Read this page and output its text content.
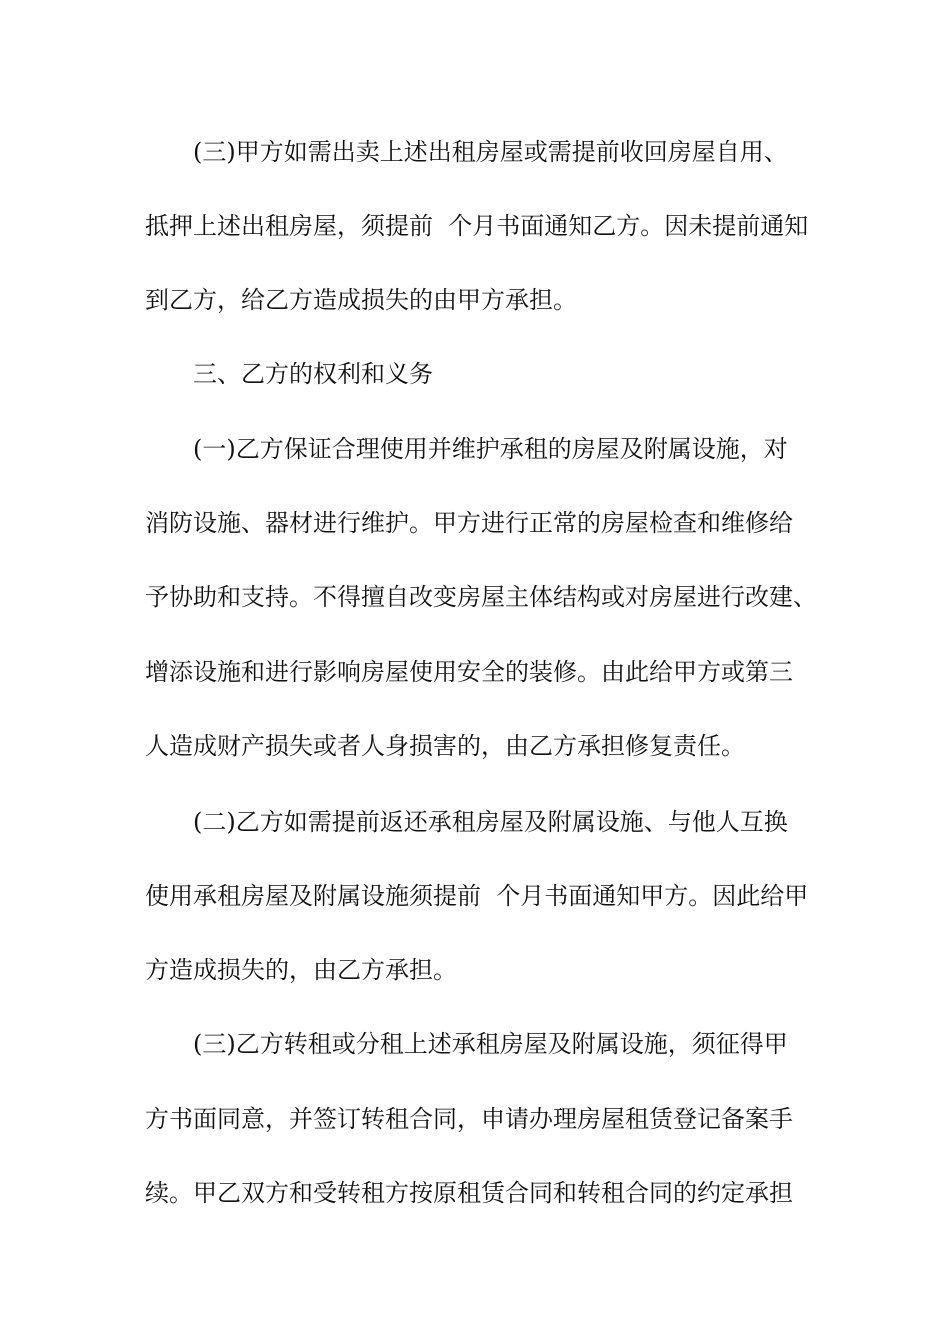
(三)甲方如需出卖上述出租房屋或需提前收回房屋自用、
抵押上述出租房屋，须提前  个月书面通知乙方。因未提前通知
到乙方，给乙方造成损失的由甲方承担。
三、乙方的权利和义务
(一)乙方保证合理使用并维护承租的房屋及附属设施，对
消防设施、器材进行维护。甲方进行正常的房屋检查和维修给
予协助和支持。不得擅自改变房屋主体结构或对房屋进行改建、
增添设施和进行影响房屋使用安全的装修。由此给甲方或第三
人造成财产损失或者人身损害的，由乙方承担修复责任。
(二)乙方如需提前返还承租房屋及附属设施、与他人互换
使用承租房屋及附属设施须提前  个月书面通知甲方。因此给甲
方造成损失的，由乙方承担。
(三)乙方转租或分租上述承租房屋及附属设施，须征得甲
方书面同意，并签订转租合同，申请办理房屋租赁登记备案手
续。甲乙双方和受转租方按原租赁合同和转租合同的约定承担
